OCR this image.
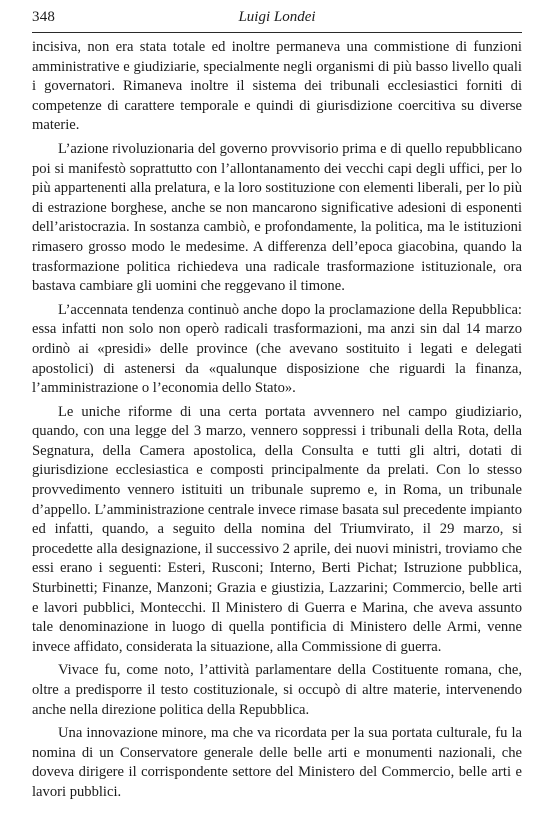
348	Luigi Londei

incisiva, non era stata totale ed inoltre permaneva una commistione di funzioni amministrative e giudiziarie, specialmente negli organismi di più basso livello quali i governatori. Rimaneva inoltre il sistema dei tribunali ecclesiastici forniti di competenze di carattere temporale e quindi di giurisdizione coercitiva su diverse materie.

L’azione rivoluzionaria del governo provvisorio prima e di quello repubblicano poi si manifestò soprattutto con l’allontanamento dei vecchi capi degli uffici, per lo più appartenenti alla prelatura, e la loro sostituzione con elementi liberali, per lo più di estrazione borghese, anche se non mancarono significative adesioni di esponenti dell’aristocrazia. In sostanza cambiò, e profondamente, la politica, ma le istituzioni rimasero grosso modo le medesime. A differenza dell’epoca giacobina, quando la trasformazione politica richiedeva una radicale trasformazione istituzionale, ora bastava cambiare gli uomini che reggevano il timone.

L’accennata tendenza continuò anche dopo la proclamazione della Repubblica: essa infatti non solo non operò radicali trasformazioni, ma anzi sin dal 14 marzo ordinò ai «presidi» delle province (che avevano sostituito i legati e delegati apostolici) di astenersi da «qualunque disposizione che riguardi la finanza, l’amministrazione o l’economia dello Stato».

Le uniche riforme di una certa portata avvennero nel campo giudiziario, quando, con una legge del 3 marzo, vennero soppressi i tribunali della Rota, della Segnatura, della Camera apostolica, della Consulta e tutti gli altri, dotati di giurisdizione ecclesiastica e composti principalmente da prelati. Con lo stesso provvedimento vennero istituiti un tribunale supremo e, in Roma, un tribunale d’appello. L’amministrazione centrale invece rimase basata sul precedente impianto ed infatti, quando, a seguito della nomina del Triumvirato, il 29 marzo, si procedette alla designazione, il successivo 2 aprile, dei nuovi ministri, troviamo che essi erano i seguenti: Esteri, Rusconi; Interno, Berti Pichat; Istruzione pubblica, Sturbinetti; Finanze, Manzoni; Grazia e giustizia, Lazzarini; Commercio, belle arti e lavori pubblici, Montecchi. Il Ministero di Guerra e Marina, che aveva assunto tale denominazione in luogo di quella pontificia di Ministero delle Armi, venne invece affidato, considerata la situazione, alla Commissione di guerra.

Vivace fu, come noto, l’attività parlamentare della Costituente romana, che, oltre a predisporre il testo costituzionale, si occupò di altre materie, intervenendo anche nella direzione politica della Repubblica.

Una innovazione minore, ma che va ricordata per la sua portata culturale, fu la nomina di un Conservatore generale delle belle arti e monumenti nazionali, che doveva dirigere il corrispondente settore del Ministero del Commercio, belle arti e lavori pubblici.
